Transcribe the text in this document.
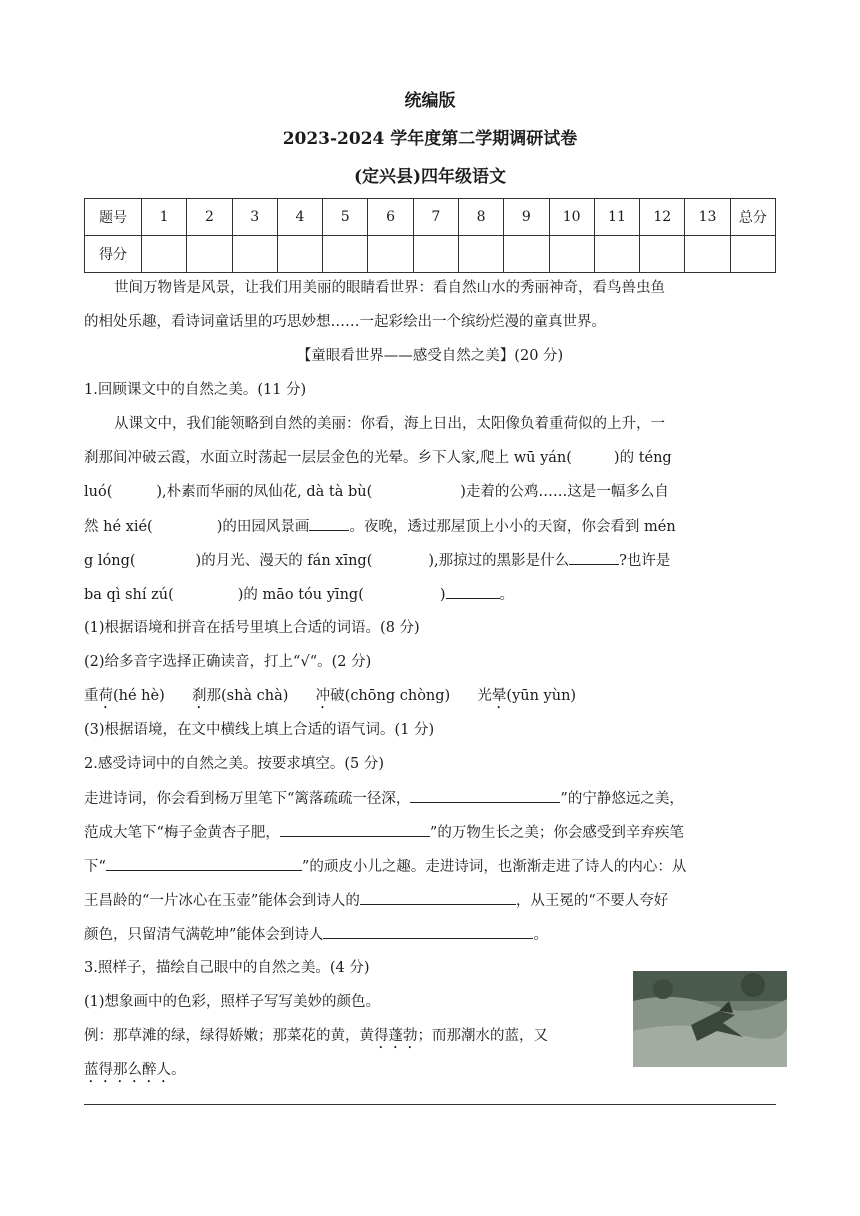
统编版
2023-2024 学年度第二学期调研试卷
(定兴县)四年级语文
题号	1	2	3	4	5	6	7	8	9	10	11	12	13	总分
得分														
世间万物皆是风景，让我们用美丽的眼睛看世界：看自然山水的秀丽神奇，看鸟兽虫鱼
的相处乐趣，看诗词童话里的巧思妙想……一起彩绘出一个缤纷烂漫的童真世界。
【童眼看世界——感受自然之美】(20 分)
1.回顾课文中的自然之美。(11 分)
从课文中，我们能领略到自然的美丽：你看，海上日出，太阳像负着重荷似的上升，一
刹那间冲破云霞，水面立时荡起一层层金色的光晕。乡下人家,爬上 wū yán(	)的 téng
luó(	),朴素而华丽的凤仙花, dà tà bù(	)走着的公鸡……这是一幅多么自
然 hé xié(	)的田园风景画	。夜晚，透过那屋顶上小小的天窗，你会看到 mén
g lóng(	)的月光、漫天的 fán xīng(	),那掠过的黑影是什么	?也许是
ba qì shí zú(	)的 māo tóu yīng(	)	。
(1)根据语境和拼音在括号里填上合适的词语。(8 分)
(2)给多音字选择正确读音，打上“√“。(2 分)
重荷(hé hè) 刹那(shà chà) 冲破(chōng chòng) 光晕(yūn yùn)
(3)根据语境，在文中横线上填上合适的语气词。(1 分)
2.感受诗词中的自然之美。按要求填空。(5 分)
走进诗词，你会看到杨万里笔下“篱落疏疏一径深，	”的宁静悠远之美，
范成大笔下“梅子金黄杏子肥，	”的万物生长之美；你会感受到辛弃疾笔
下“	”的顽皮小儿之趣。走进诗词，也渐渐走进了诗人的内心：从
王昌龄的“一片冰心在玉壶”能体会到诗人的	，从王冕的“不要人夸好
颜色，只留清气满乾坤”能体会到诗人	。
3.照样子，描绘自己眼中的自然之美。(4 分)
(1)想象画中的色彩，照样子写写美妙的颜色。
例：那草滩的绿，绿得娇嫩；那菜花的黄，黄得蓬勃；而那潮水的蓝，又
蓝得那么醉人。
